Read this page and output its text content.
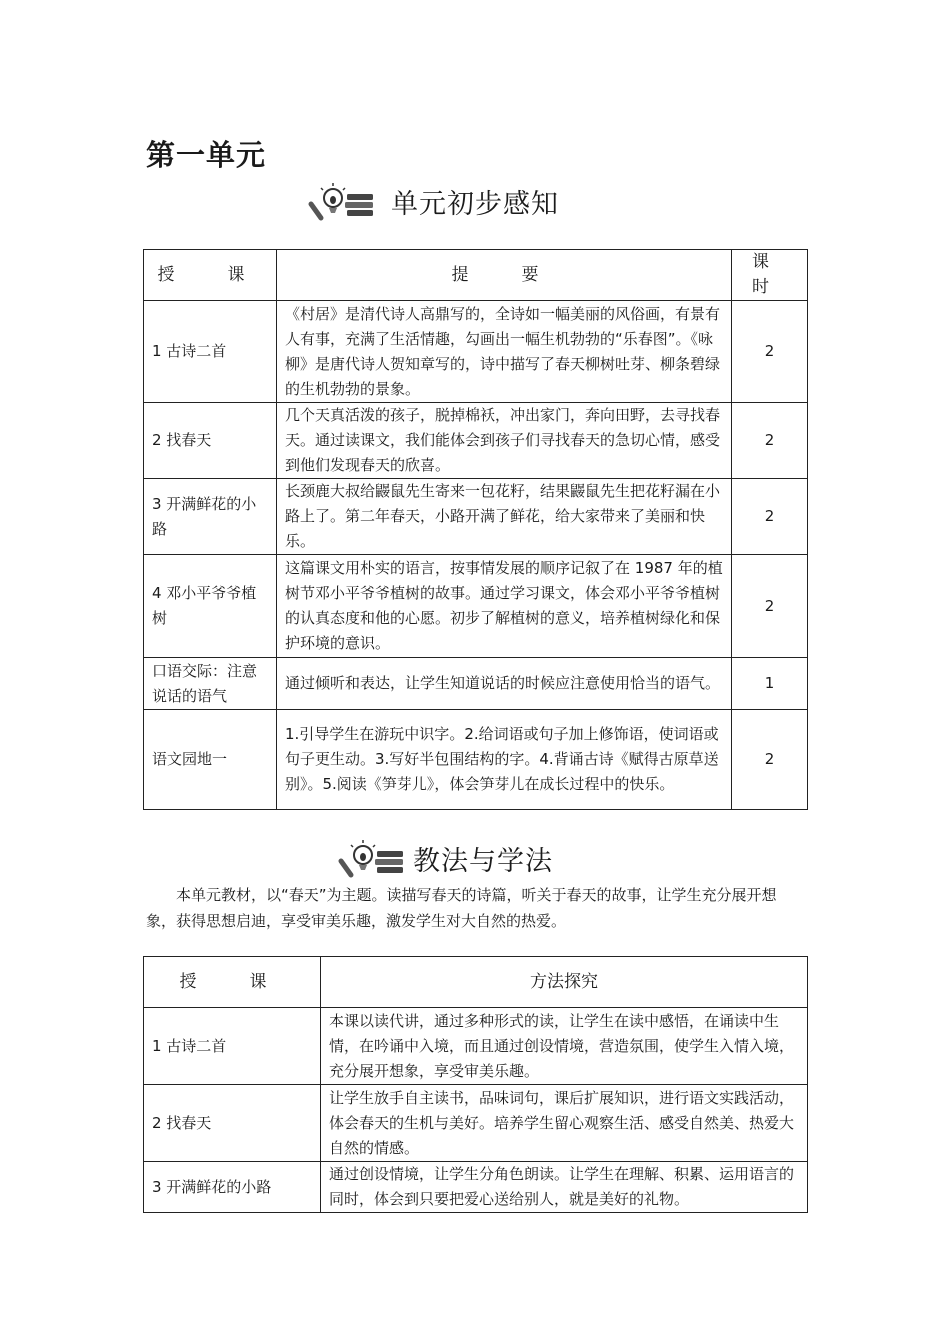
第一单元
单元初步感知
授　课	提　要	课　时
1 古诗二首	《村居》是清代诗人高鼎写的，全诗如一幅美丽的风俗画，有景有人有事，充满了生活情趣，勾画出一幅生机勃勃的“乐春图”。《咏柳》是唐代诗人贺知章写的，诗中描写了春天柳树吐芽、柳条碧绿的生机勃勃的景象。	2
2 找春天	几个天真活泼的孩子，脱掉棉袄，冲出家门，奔向田野，去寻找春天。通过读课文，我们能体会到孩子们寻找春天的急切心情，感受到他们发现春天的欣喜。	2
3 开满鲜花的小路	长颈鹿大叔给鼹鼠先生寄来一包花籽，结果鼹鼠先生把花籽漏在小路上了。第二年春天，小路开满了鲜花，给大家带来了美丽和快乐。	2
4 邓小平爷爷植树	这篇课文用朴实的语言，按事情发展的顺序记叙了在 1987 年的植树节邓小平爷爷植树的故事。通过学习课文，体会邓小平爷爷植树的认真态度和他的心愿。初步了解植树的意义，培养植树绿化和保护环境的意识。	2
口语交际：注意说话的语气	通过倾听和表达，让学生知道说话的时候应注意使用恰当的语气。	1
语文园地一	1.引导学生在游玩中识字。2.给词语或句子加上修饰语，使词语或句子更生动。3.写好半包围结构的字。4.背诵古诗《赋得古原草送别》。5.阅读《笋芽儿》，体会笋芽儿在成长过程中的快乐。	2
教法与学法
本单元教材，以“春天”为主题。读描写春天的诗篇，听关于春天的故事，让学生充分展开想象，获得思想启迪，享受审美乐趣，激发学生对大自然的热爱。
授　课	方法探究
1 古诗二首	本课以读代讲，通过多种形式的读，让学生在读中感悟，在诵读中生情，在吟诵中入境，而且通过创设情境，营造氛围，使学生入情入境，充分展开想象，享受审美乐趣。
2 找春天	让学生放手自主读书，品味词句，课后扩展知识，进行语文实践活动，体会春天的生机与美好。培养学生留心观察生活、感受自然美、热爱大自然的情感。
3 开满鲜花的小路	通过创设情境，让学生分角色朗读。让学生在理解、积累、运用语言的同时，体会到只要把爱心送给别人，就是美好的礼物。
